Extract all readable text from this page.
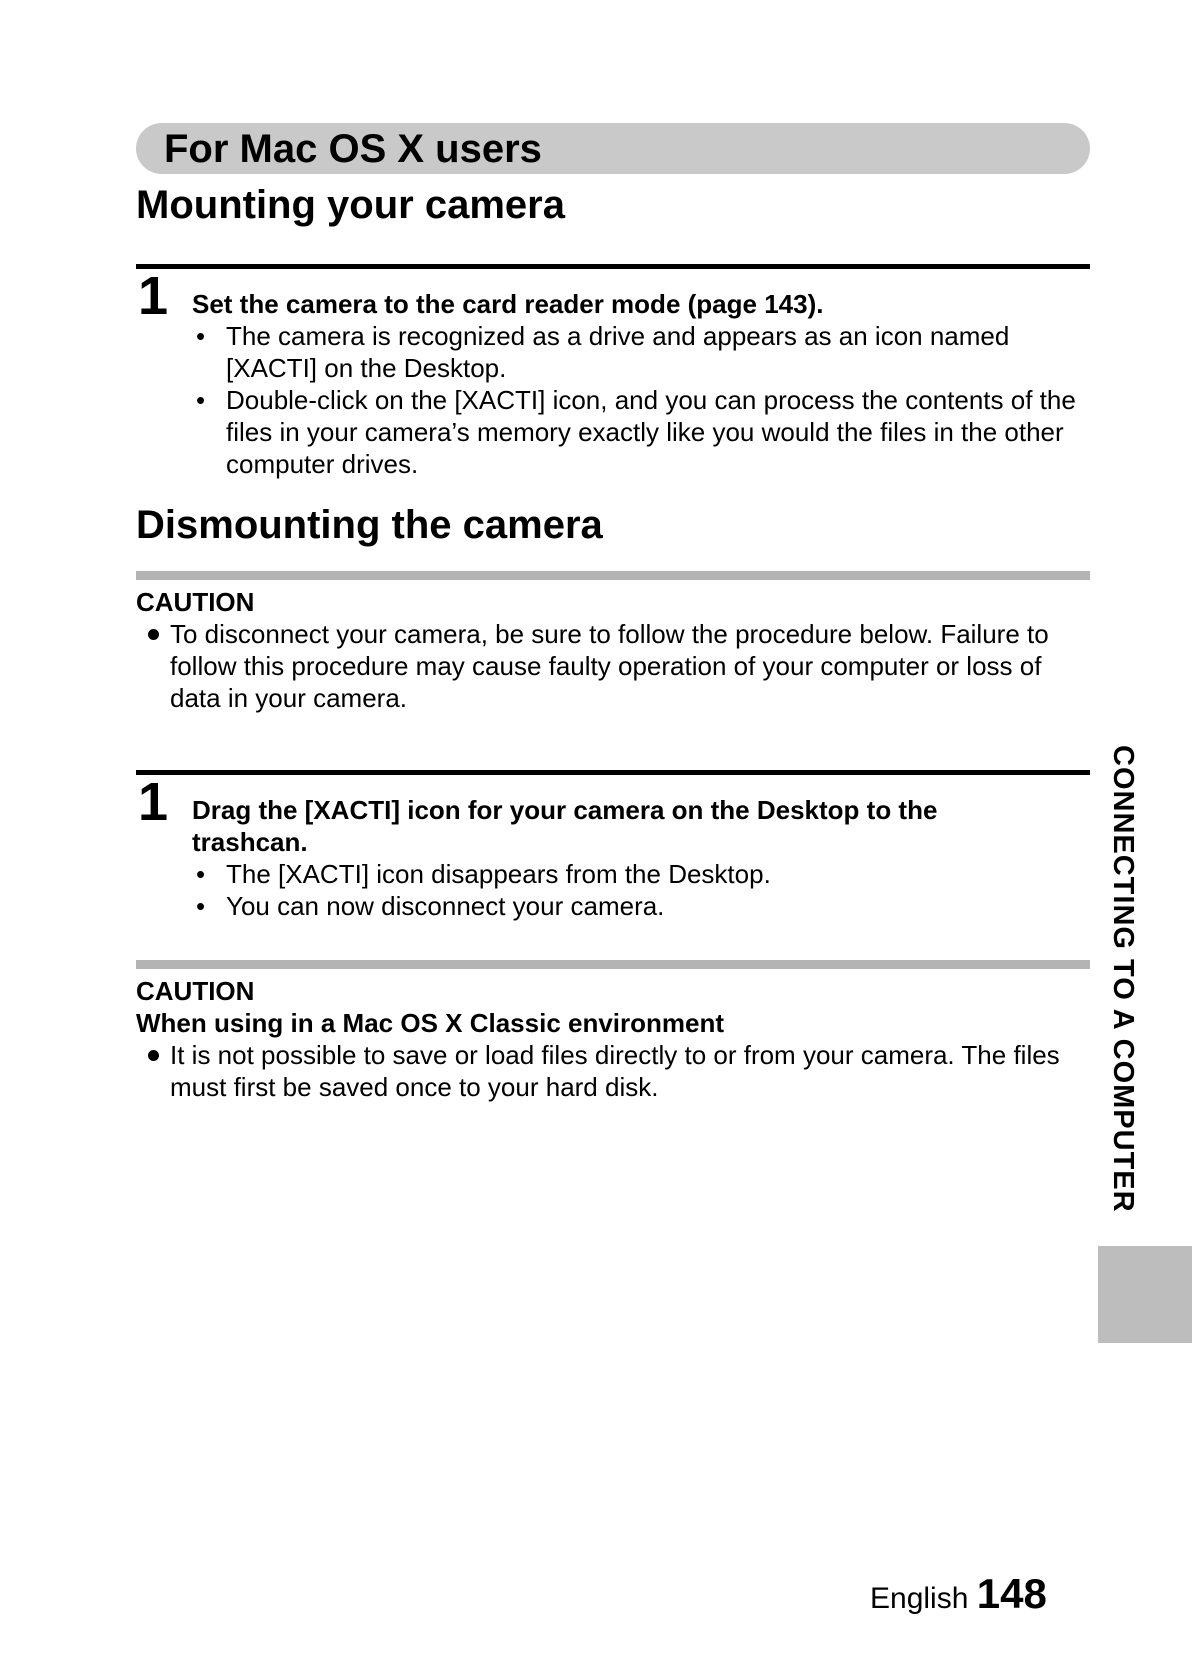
For Mac OS X users
Mounting your camera
1 Set the camera to the card reader mode (page 143).

• The camera is recognized as a drive and appears as an icon named [XACTI] on the Desktop.
• Double-click on the [XACTI] icon, and you can process the contents of the files in your camera’s memory exactly like you would the files in the other computer drives.
Dismounting the camera

CAUTION

To disconnect your camera, be sure to follow the procedure below. Failure to follow this procedure may cause faulty operation of your computer or loss of data in your camera.
1 Drag the [XACTI] icon for your camera on the Desktop to the trashcan.

• The [XACTI] icon disappears from the Desktop.
• You can now disconnect your camera.

CAUTION

When using in a Mac OS X Classic environment

It is not possible to save or load files directly to or from your camera. The files must first be saved once to your hard disk.	CONNECTING TO A COMPUTER
English 148
